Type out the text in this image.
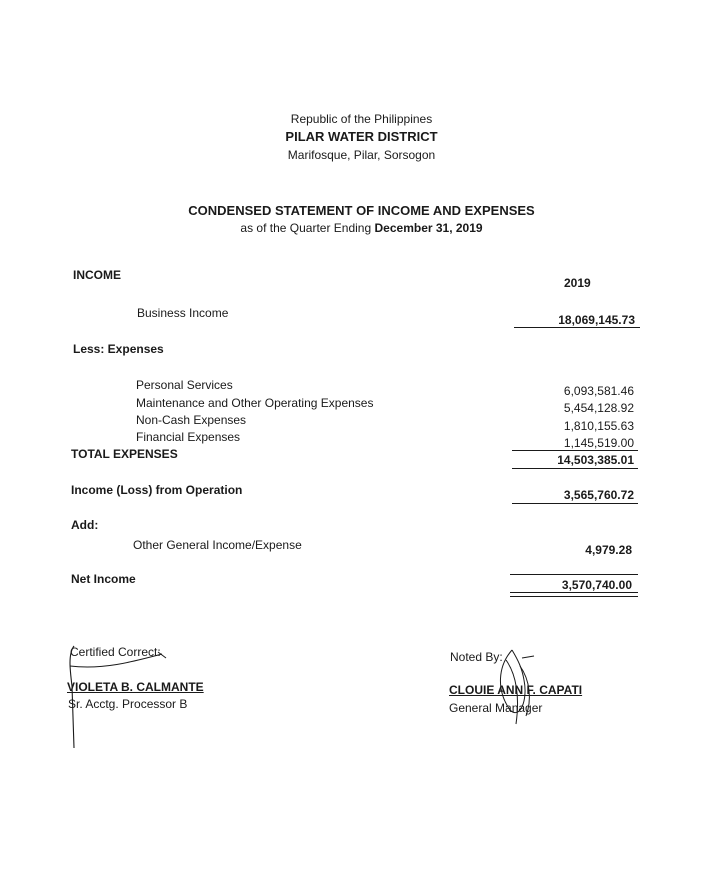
Republic of the Philippines
PILAR WATER DISTRICT
Marifosque, Pilar, Sorsogon
CONDENSED STATEMENT OF INCOME AND EXPENSES
as of the Quarter Ending December 31, 2019
INCOME
2019
Business Income	18,069,145.73
Less: Expenses
Personal Services	6,093,581.46
Maintenance and Other Operating Expenses	5,454,128.92
Non-Cash Expenses	1,810,155.63
Financial Expenses	1,145,519.00
TOTAL EXPENSES	14,503,385.01
Income (Loss) from Operation	3,565,760.72
Add:
Other General Income/Expense	4,979.28
Net Income	3,570,740.00
Certified Correct:
VIOLETA B. CALMANTE
Sr. Acctg. Processor B
Noted By:
CLOUIE ANN F. CAPATI
General Manager
